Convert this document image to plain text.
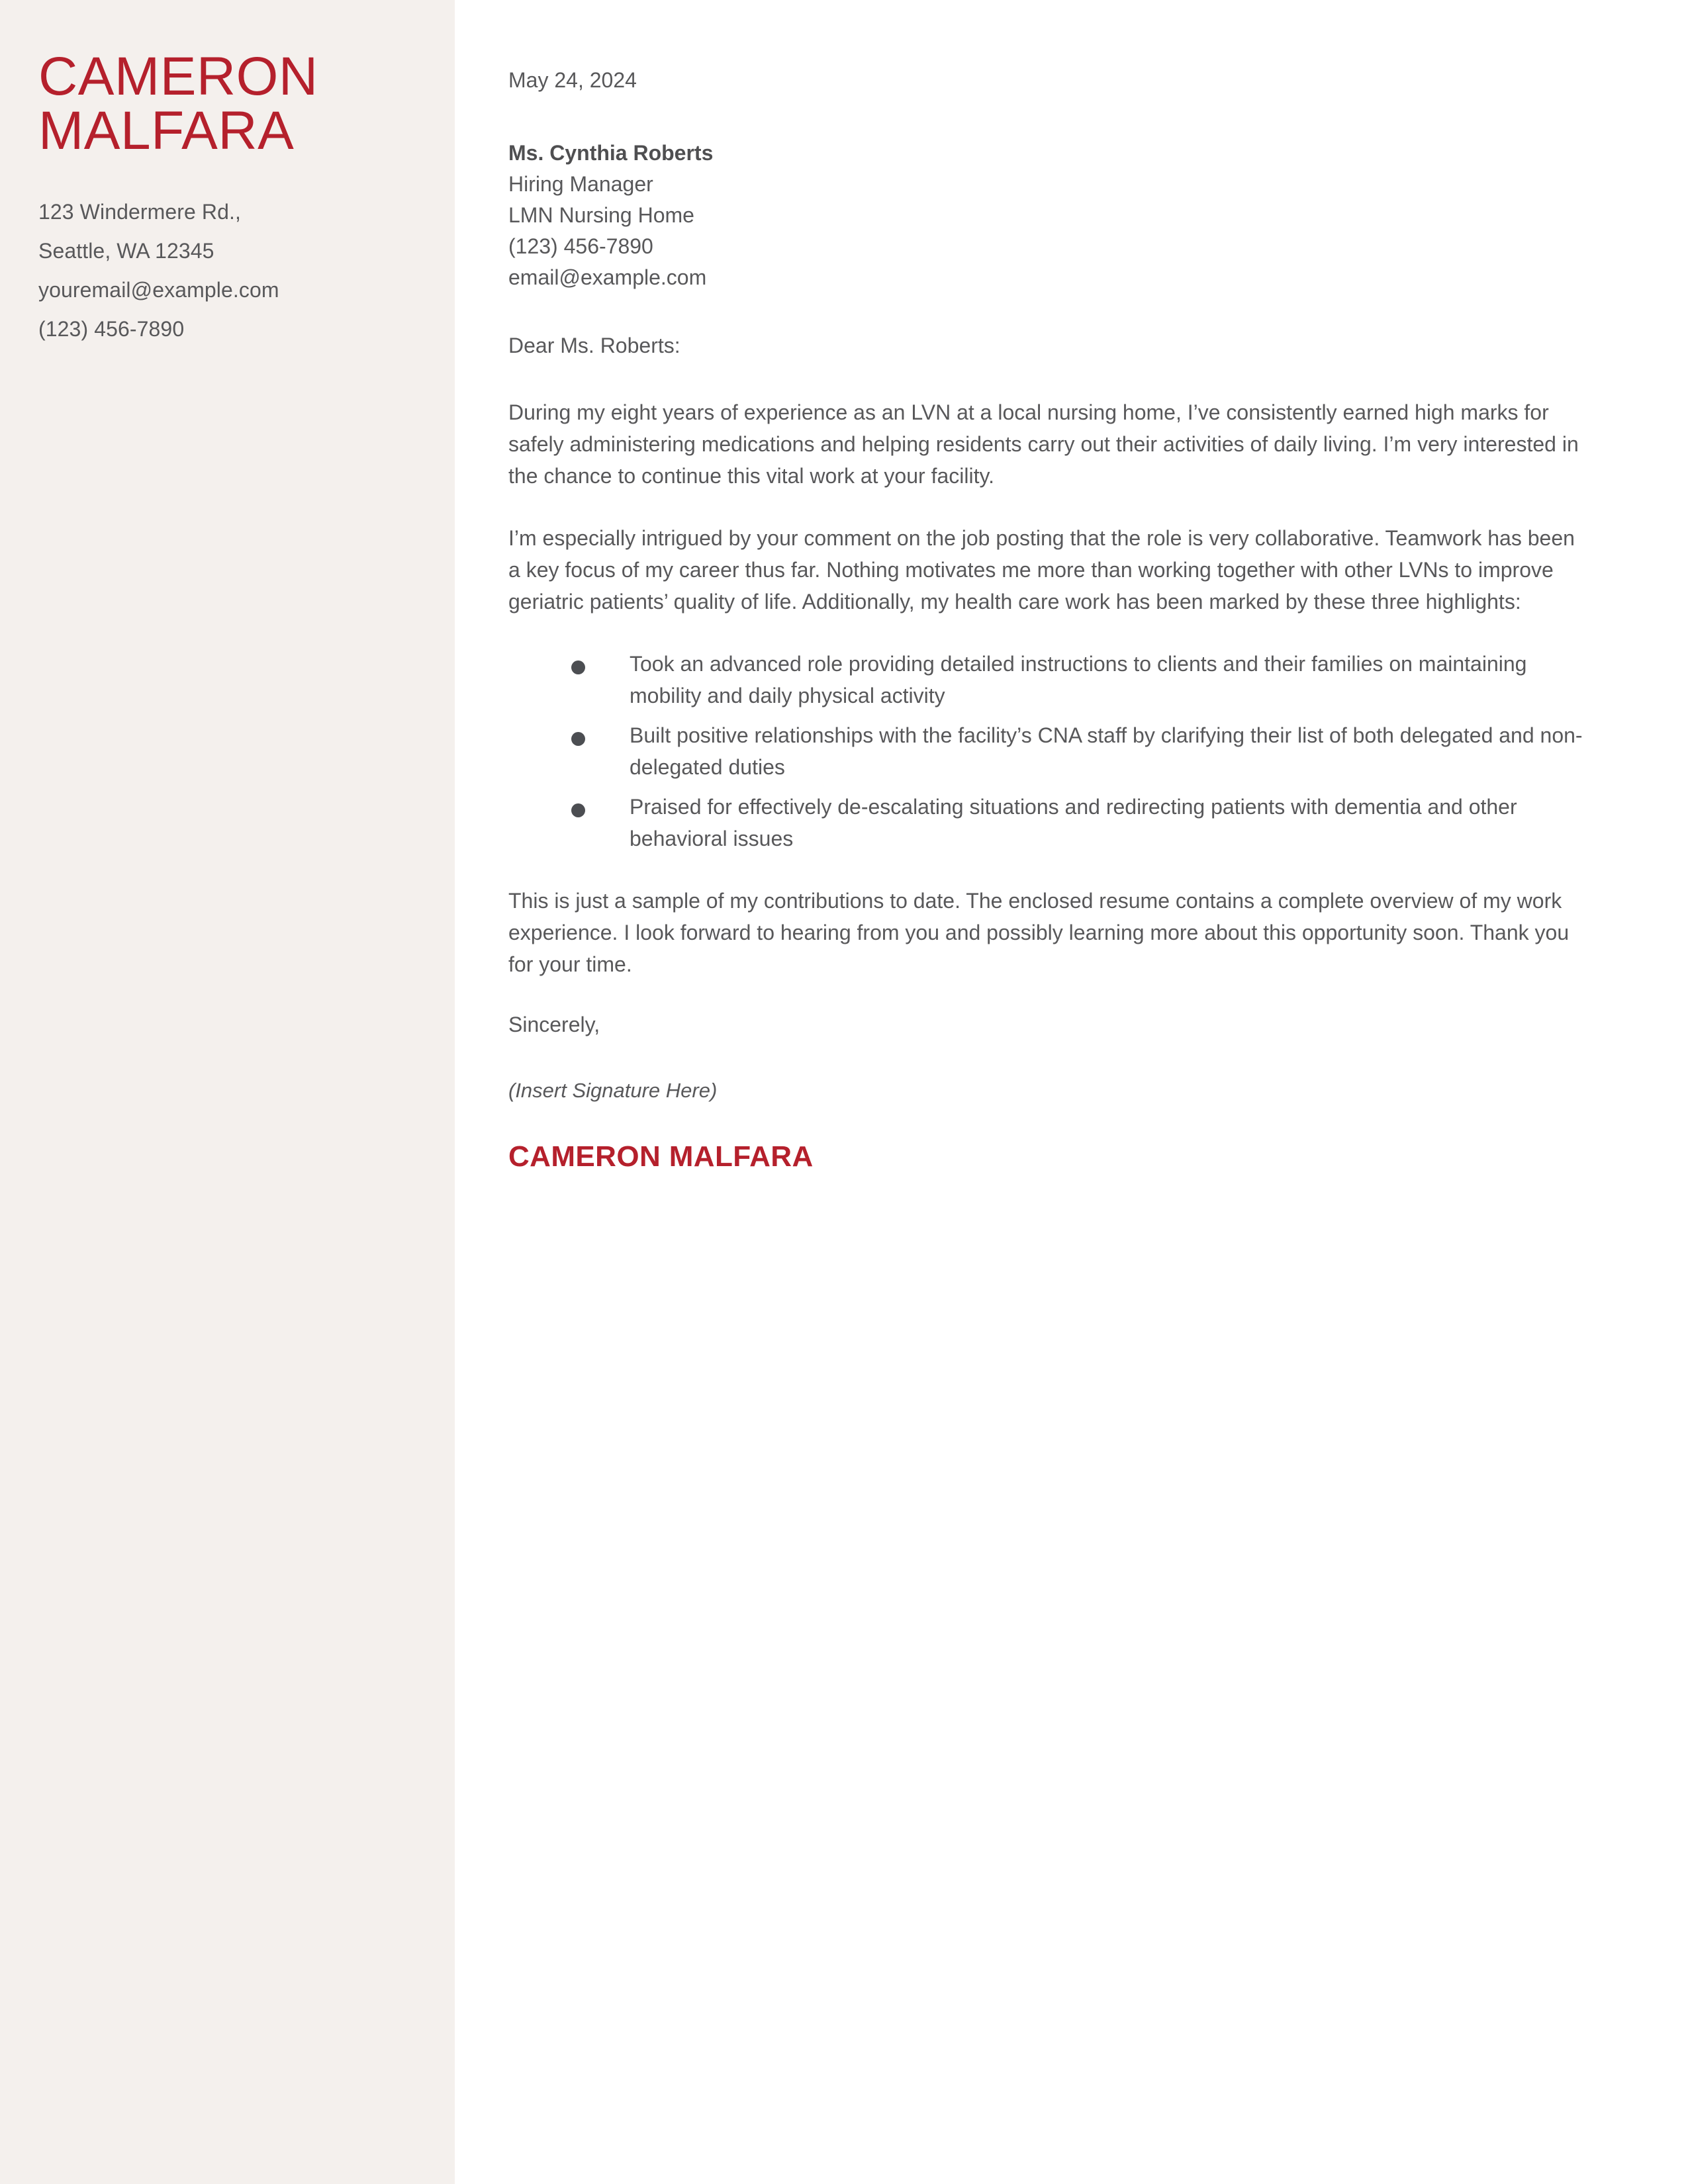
CAMERON
MALFARA
123 Windermere Rd.,
Seattle, WA 12345
youremail@example.com
(123) 456-7890

May 24, 2024

Ms. Cynthia Roberts
Hiring Manager
LMN Nursing Home
(123) 456-7890
email@example.com

Dear Ms. Roberts:

During my eight years of experience as an LVN at a local nursing home, I’ve consistently earned high marks for safely administering medications and helping residents carry out their activities of daily living. I’m very interested in the chance to continue this vital work at your facility.

I’m especially intrigued by your comment on the job posting that the role is very collaborative. Teamwork has been a key focus of my career thus far. Nothing motivates me more than working together with other LVNs to improve geriatric patients’ quality of life. Additionally, my health care work has been marked by these three highlights:

Took an advanced role providing detailed instructions to clients and their families on maintaining mobility and daily physical activity
Built positive relationships with the facility’s CNA staff by clarifying their list of both delegated and non-delegated duties
Praised for effectively de-escalating situations and redirecting patients with dementia and other behavioral issues

This is just a sample of my contributions to date. The enclosed resume contains a complete overview of my work experience. I look forward to hearing from you and possibly learning more about this opportunity soon. Thank you for your time.

Sincerely,

(Insert Signature Here)

CAMERON MALFARA
